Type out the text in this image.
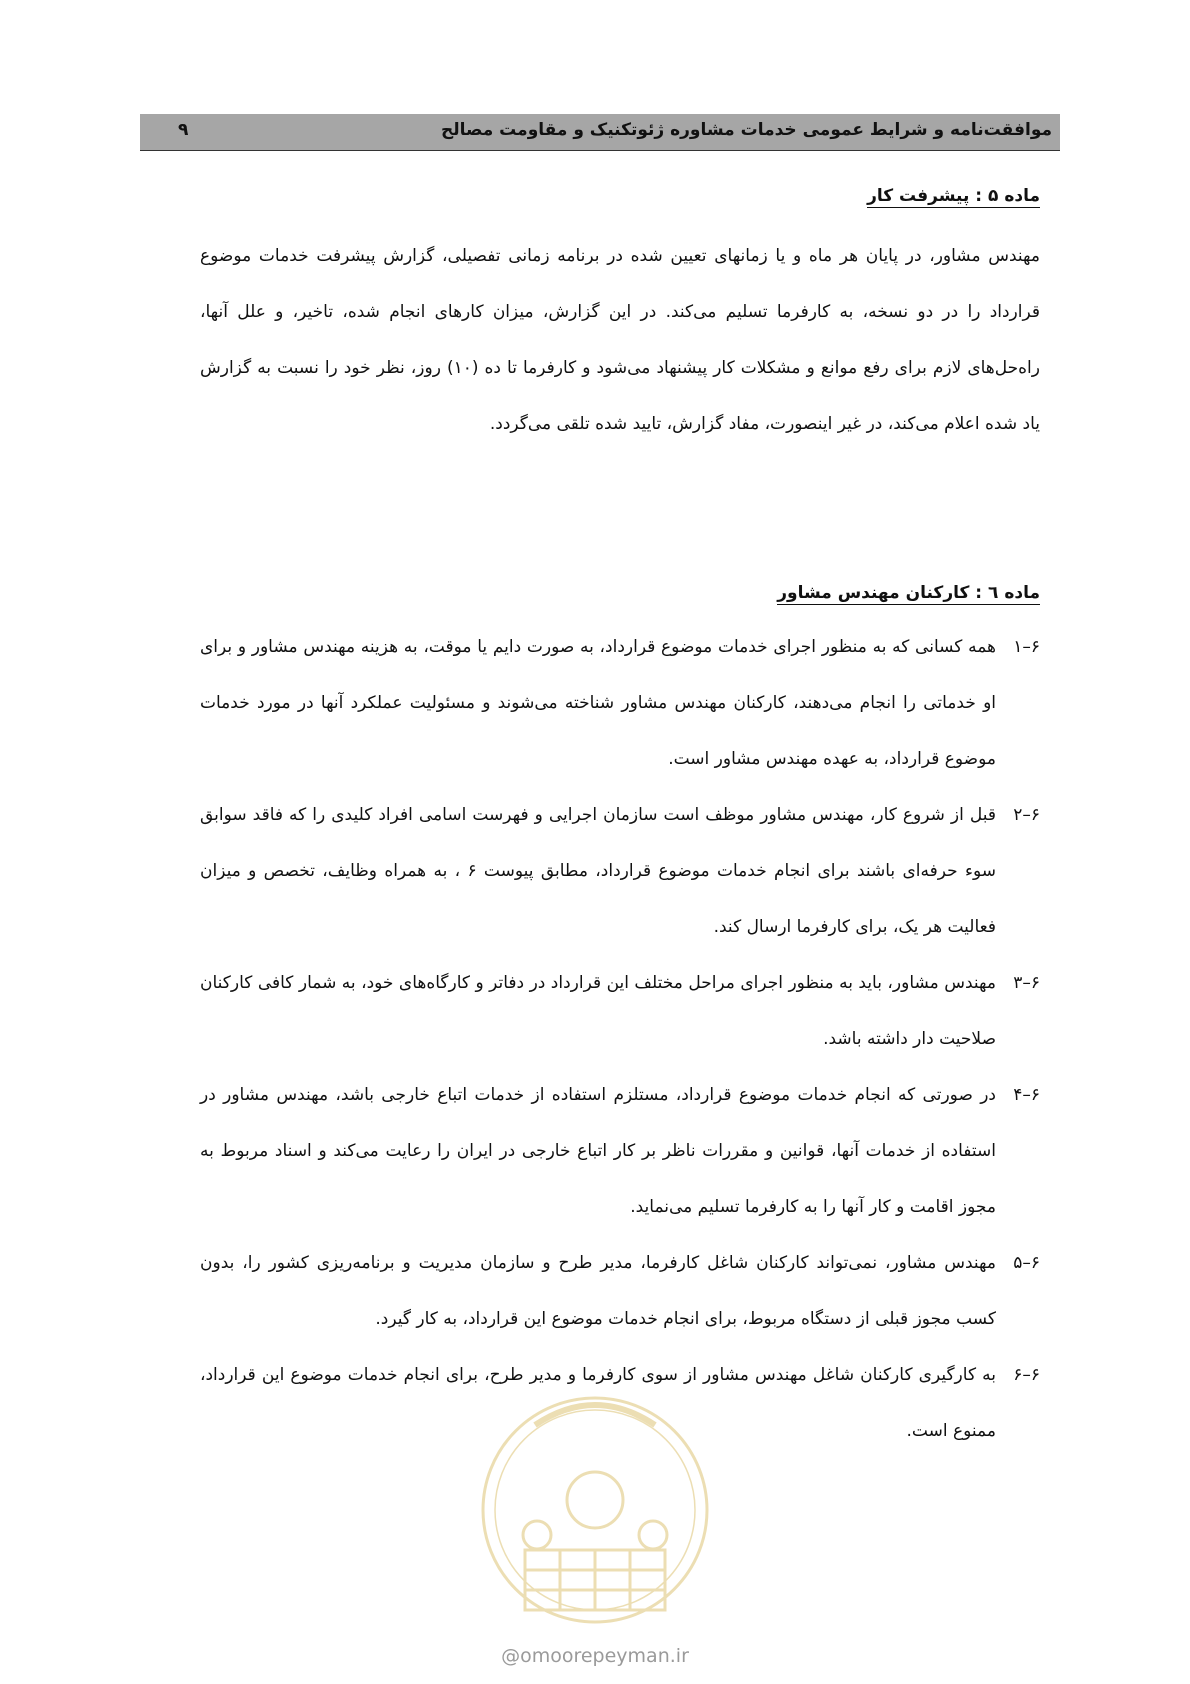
موافقت‌نامه و شرایط عمومی خدمات مشاوره ژئوتکنیک و مقاومت مصالح
۹
ماده ۵ : پیشرفت کار

مهندس مشاور، در پایان هر ماه و یا زمانهای تعیین شده در برنامه زمانی تفصیلی، گزارش پیشرفت خدمات موضوع قرارداد را در دو نسخه، به کارفرما تسلیم می‌کند. در این گزارش، میزان کارهای انجام شده، تاخیر، و علل آنها، راه‌حل‌های لازم برای رفع موانع و مشکلات کار پیشنهاد می‌شود و کارفرما تا ده (۱۰) روز، نظر خود را نسبت به گزارش یاد شده اعلام می‌کند، در غیر اینصورت، مفاد گزارش، تایید شده تلقی می‌گردد.

ماده ٦ : کارکنان مهندس مشاور
۶–۱
همه کسانی که به منظور اجرای خدمات موضوع قرارداد، به صورت دایم یا موقت، به هزینه مهندس مشاور و برای او خدماتی را انجام می‌دهند، کارکنان مهندس مشاور شناخته می‌شوند و مسئولیت عملکرد آنها در مورد خدمات موضوع قرارداد، به عهده مهندس مشاور است.
۶–۲
قبل از شروع کار، مهندس مشاور موظف است سازمان اجرایی و فهرست اسامی افراد کلیدی را که فاقد سوابق سوء حرفه‌ای باشند برای انجام خدمات موضوع قرارداد، مطابق پیوست ۶ ، به همراه وظایف، تخصص و میزان فعالیت هر یک، برای کارفرما ارسال کند.
۶–۳
مهندس مشاور، باید به منظور اجرای مراحل مختلف این قرارداد در دفاتر و کارگاه‌های خود، به شمار کافی کارکنان صلاحیت دار داشته باشد.
۶–۴
در صورتی که انجام خدمات موضوع قرارداد، مستلزم استفاده از خدمات اتباع خارجی باشد، مهندس مشاور در استفاده از خدمات آنها، قوانین و مقررات ناظر بر کار اتباع خارجی در ایران را رعایت می‌کند و اسناد مربوط به مجوز اقامت و کار آنها را به کارفرما تسلیم می‌نماید.
۶–۵
مهندس مشاور، نمی‌تواند کارکنان شاغل کارفرما، مدیر طرح و سازمان مدیریت و برنامه‌ریزی کشور را، بدون کسب مجوز قبلی از دستگاه مربوط، برای انجام خدمات موضوع این قرارداد، به کار گیرد.
۶–۶
به کارگیری کارکنان شاغل مهندس مشاور از سوی کارفرما و مدیر طرح، برای انجام خدمات موضوع این قرارداد، ممنوع است.
@omoorepeyman.ir
